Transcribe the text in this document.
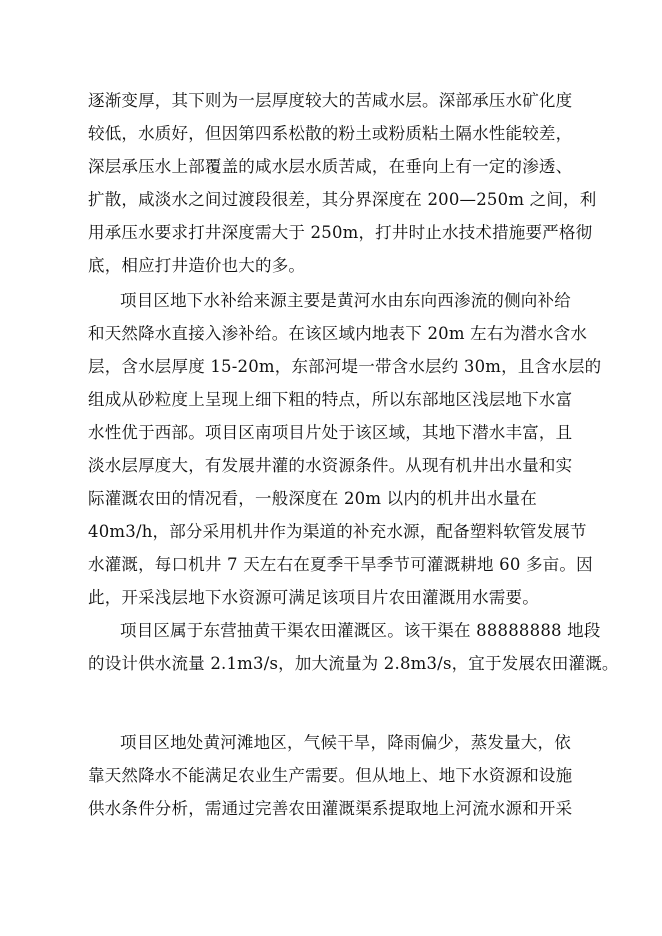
逐渐变厚，其下则为一层厚度较大的苦咸水层。深部承压水矿化度
较低，水质好，但因第四系松散的粉土或粉质粘土隔水性能较差，
深层承压水上部覆盖的咸水层水质苦咸，在垂向上有一定的渗透、
扩散，咸淡水之间过渡段很差，其分界深度在 200—250m 之间，利
用承压水要求打井深度需大于 250m，打井时止水技术措施要严格彻
底，相应打井造价也大的多。
项目区地下水补给来源主要是黄河水由东向西渗流的侧向补给
和天然降水直接入渗补给。在该区域内地表下 20m 左右为潜水含水
层，含水层厚度 15-20m，东部河堤一带含水层约 30m，且含水层的
组成从砂粒度上呈现上细下粗的特点，所以东部地区浅层地下水富
水性优于西部。项目区南项目片处于该区域，其地下潜水丰富，且
淡水层厚度大，有发展井灌的水资源条件。从现有机井出水量和实
际灌溉农田的情况看，一般深度在 20m 以内的机井出水量在
40m3/h，部分采用机井作为渠道的补充水源，配备塑料软管发展节
水灌溉，每口机井 7 天左右在夏季干旱季节可灌溉耕地 60 多亩。因
此，开采浅层地下水资源可满足该项目片农田灌溉用水需要。
项目区属于东营抽黄干渠农田灌溉区。该干渠在 88888888 地段
的设计供水流量 2.1m3/s，加大流量为 2.8m3/s，宜于发展农田灌溉。
项目区地处黄河滩地区，气候干旱，降雨偏少，蒸发量大，依
靠天然降水不能满足农业生产需要。但从地上、地下水资源和设施
供水条件分析，需通过完善农田灌溉渠系提取地上河流水源和开采
